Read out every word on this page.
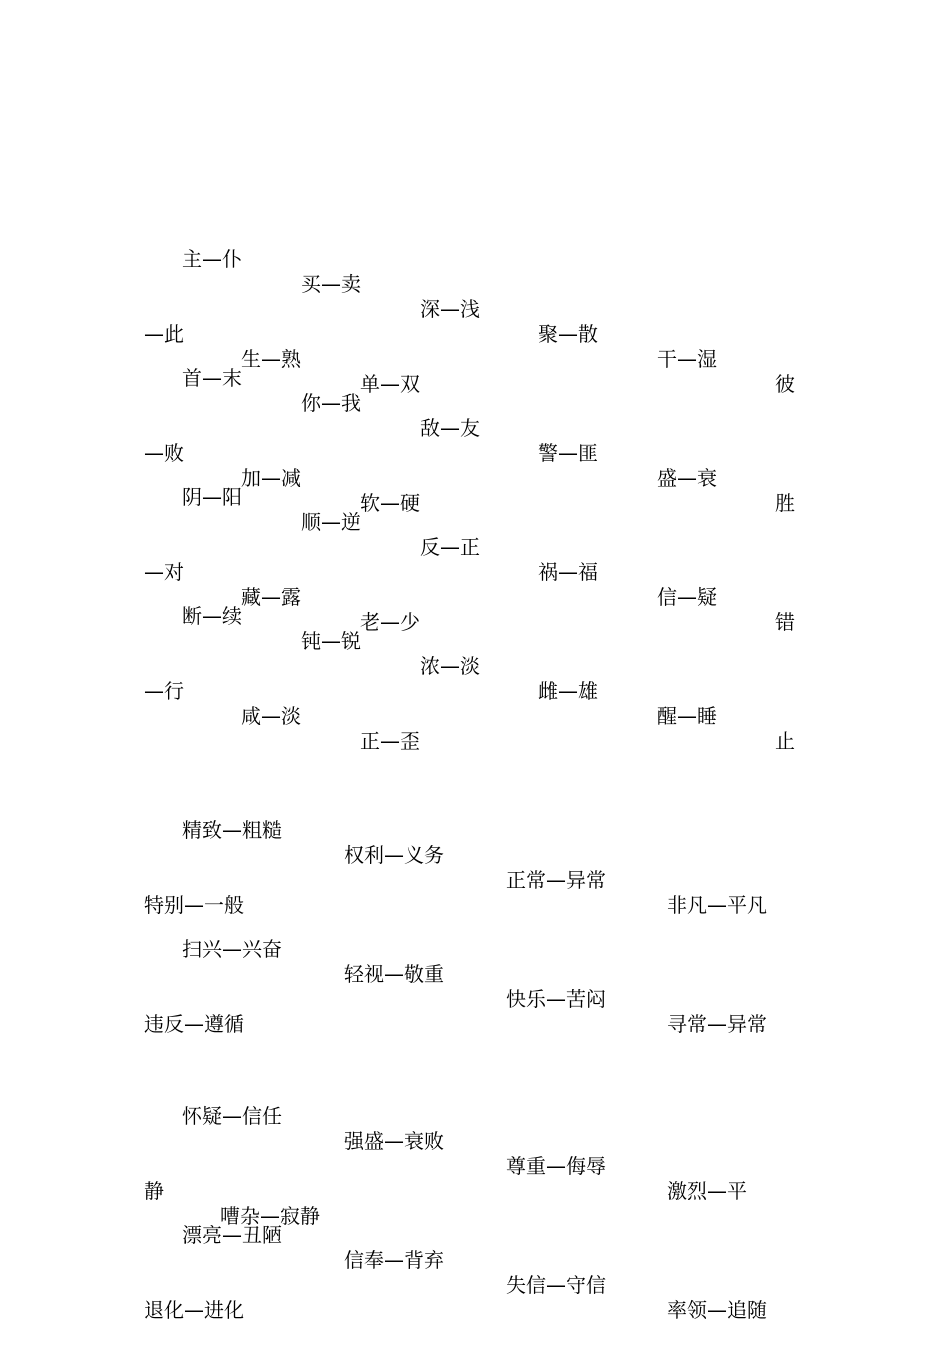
主—仆

买—卖

深—浅

聚—散

干—湿

彼

—此

生—熟

单—双

首—末

你—我

敌—友

警—匪

盛—衰

胜

—败

加—减

软—硬

阴—阳

顺—逆

反—正

祸—福

信—疑

错

—对

藏—露

老—少

断—续

钝—锐

浓—淡

雌—雄

醒—睡

止

—行

咸—淡

正—歪

精致—粗糙

权利—义务

正常—异常

非凡—平凡

特别—一般

扫兴—兴奋

轻视—敬重

快乐—苦闷

寻常—异常

违反—遵循

怀疑—信任

强盛—衰败

尊重—侮辱

激烈—平

静

嘈杂—寂静

漂亮—丑陋

信奉—背弃

失信—守信

率领—追随

退化—进化
